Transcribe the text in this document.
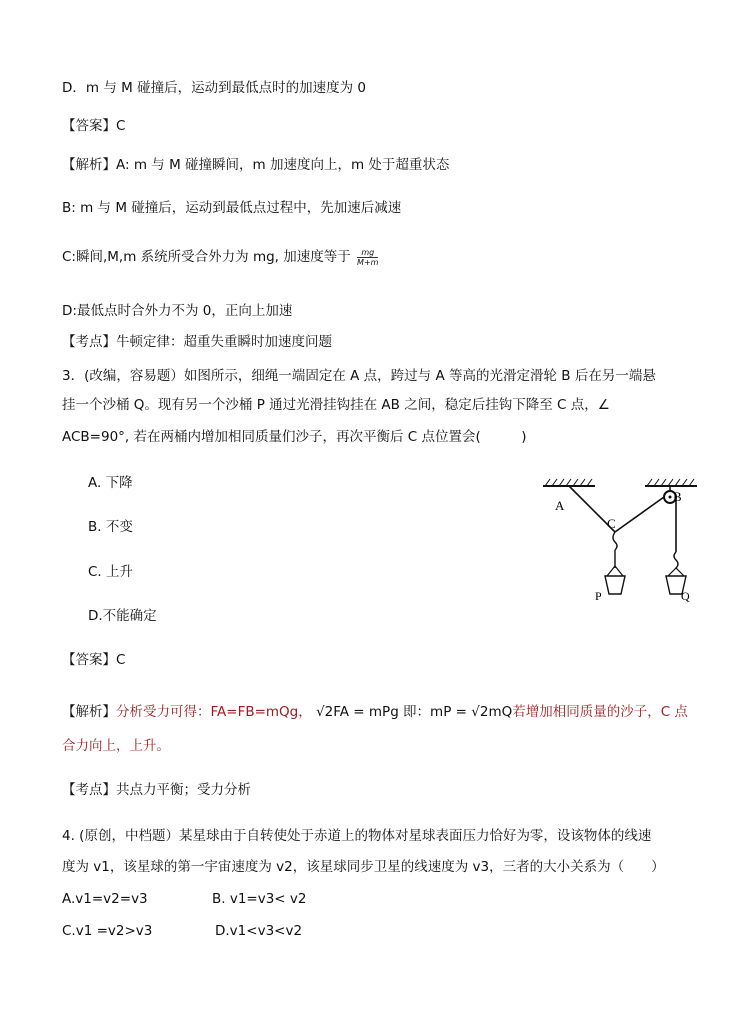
D．m 与 M 碰撞后，运动到最低点时的加速度为 0
【答案】C
【解析】A: m 与 M 碰撞瞬间，m 加速度向上，m 处于超重状态
B: m 与 M 碰撞后，运动到最低点过程中，先加速后减速
C:瞬间,M,m 系统所受合外力为 mg, 加速度等于 $\frac{mg}{M+m}$
D:最低点时合外力不为 0，正向上加速
【考点】牛顿定律：超重失重瞬时加速度问题
3．(改编，容易题）如图所示，细绳一端固定在 A 点，跨过与 A 等高的光滑定滑轮 B 后在另一端悬
挂一个沙桶 Q。现有另一个沙桶 P 通过光滑挂钩挂在 AB 之间，稳定后挂钩下降至 C 点，∠
ACB=90°, 若在两桶内增加相同质量们沙子，再次平衡后 C 点位置会(　　　)
A. 下降
B. 不变
C. 上升
D.不能确定
A
B
C
P	Q
【答案】C
【解析】分析受力可得：FA=FB=mQg， √2FA = mPg 即：mP = √2mQ若增加相同质量的沙子，C 点
合力向上，上升。
【考点】共点力平衡；受力分析
4. (原创，中档题）某星球由于自转使处于赤道上的物体对星球表面压力恰好为零，设该物体的线速
度为 v1，该星球的第一宇宙速度为 v2，该星球同步卫星的线速度为 v3，三者的大小关系为（　　）
A.v1=v2=v3	B. v1=v3< v2
C.v1 =v2>v3	D.v1<v3<v2
